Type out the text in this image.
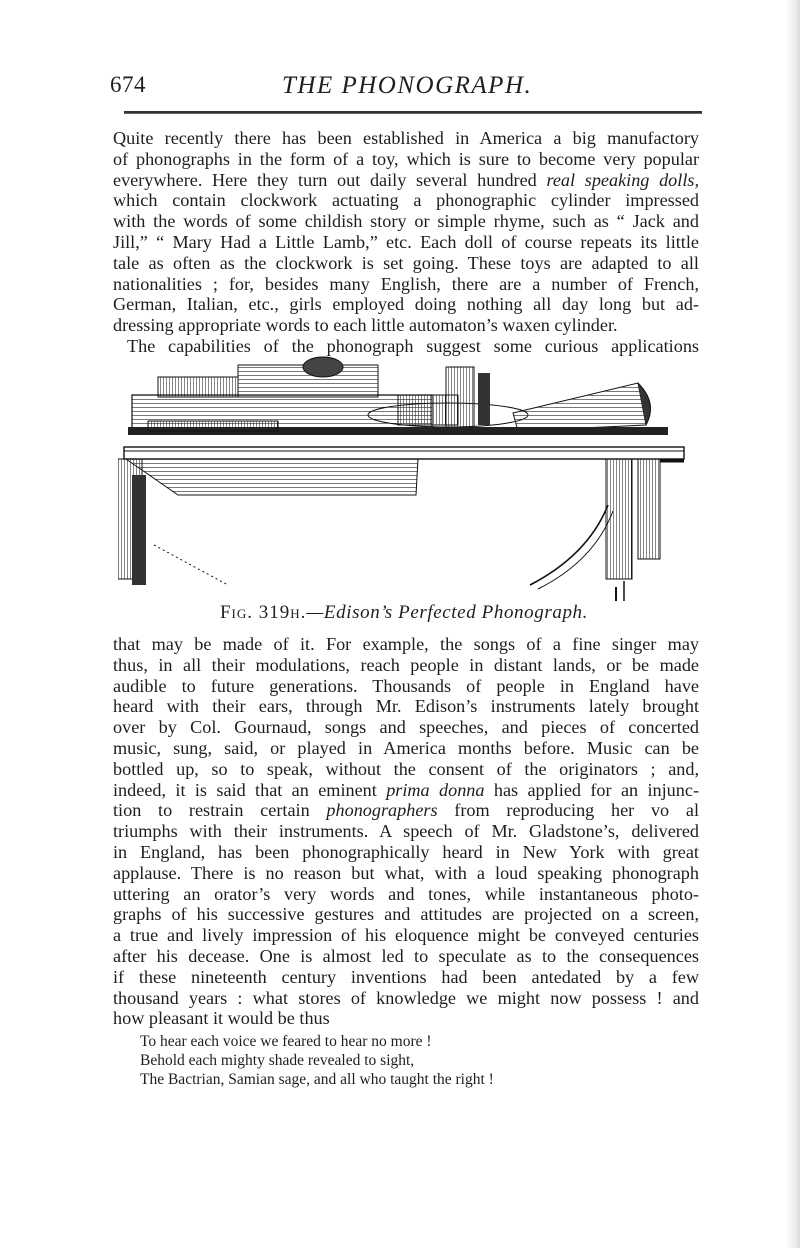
674	THE PHONOGRAPH.

Quite recently there has been established in America a big manufactory

of phonographs in the form of a toy, which is sure to become very popular

everywhere. Here they turn out daily several hundred real speaking dolls,

which contain clockwork actuating a phonographic cylinder impressed

with the words of some childish story or simple rhyme, such as “ Jack and

Jill,” “ Mary Had a Little Lamb,” etc. Each doll of course repeats its little

tale as often as the clockwork is set going. These toys are adapted to all

nationalities ; for, besides many English, there are a number of French,

German, Italian, etc., girls employed doing nothing all day long but ad-

dressing appropriate words to each little automaton’s waxen cylinder.

The capabilities of the phonograph suggest some curious applications

Fig. 319h.—Edison’s Perfected Phonograph.

that may be made of it. For example, the songs of a fine singer may

thus, in all their modulations, reach people in distant lands, or be made

audible to future generations. Thousands of people in England have

heard with their ears, through Mr. Edison’s instruments lately brought

over by Col. Gournaud, songs and speeches, and pieces of concerted

music, sung, said, or played in America months before. Music can be

bottled up, so to speak, without the consent of the originators ; and,

indeed, it is said that an eminent prima donna has applied for an injunc-

tion to restrain certain phonographers from reproducing her vo al

triumphs with their instruments. A speech of Mr. Gladstone’s, delivered

in England, has been phonographically heard in New York with great

applause. There is no reason but what, with a loud speaking phonograph

uttering an orator’s very words and tones, while instantaneous photo-

graphs of his successive gestures and attitudes are projected on a screen,

a true and lively impression of his eloquence might be conveyed centuries

after his decease. One is almost led to speculate as to the consequences

if these nineteenth century inventions had been antedated by a few

thousand years : what stores of knowledge we might now possess ! and

how pleasant it would be thus

To hear each voice we feared to hear no more !
Behold each mighty shade revealed to sight,
The Bactrian, Samian sage, and all who taught the right !
